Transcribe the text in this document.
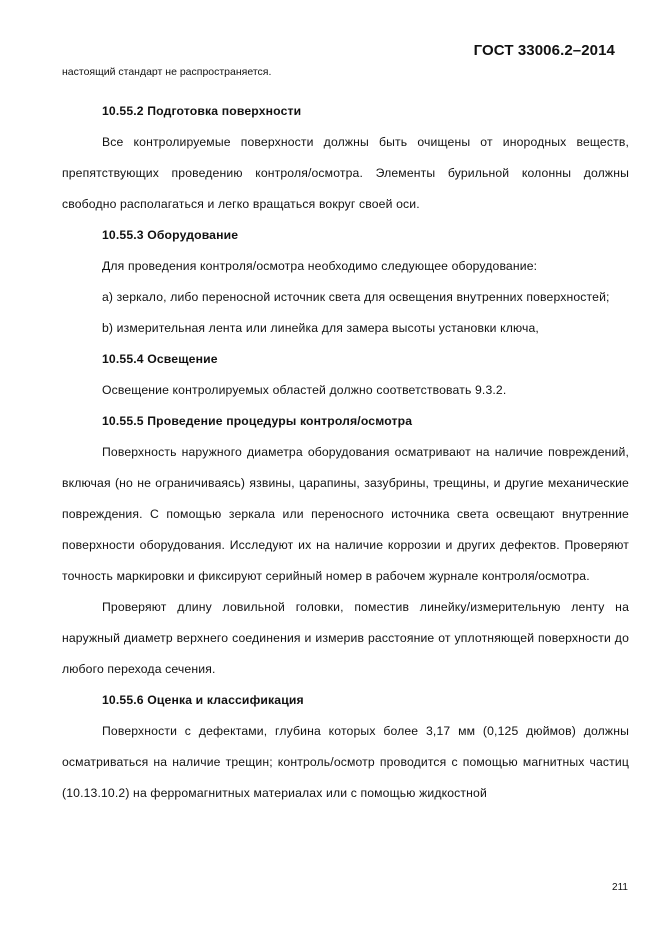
ГОСТ 33006.2–2014
настоящий стандарт не распространяется.

10.55.2 Подготовка поверхности

Все контролируемые поверхности должны быть очищены от инородных веществ, препятствующих проведению контроля/осмотра. Элементы бурильной колонны должны свободно располагаться и легко вращаться вокруг своей оси.

10.55.3 Оборудование

Для проведения контроля/осмотра необходимо следующее оборудование:

a) зеркало, либо переносной источник света для освещения внутренних поверхностей;

b) измерительная лента или линейка для замера высоты установки ключа,

10.55.4 Освещение

Освещение контролируемых областей должно соответствовать 9.3.2.

10.55.5 Проведение процедуры контроля/осмотра

Поверхность наружного диаметра оборудования осматривают на наличие повреждений, включая (но не ограничиваясь) язвины, царапины, зазубрины, трещины, и другие механические повреждения. С помощью зеркала или переносного источника света освещают внутренние поверхности оборудования. Исследуют их на наличие коррозии и других дефектов. Проверяют точность маркировки и фиксируют серийный номер в рабочем журнале контроля/осмотра.

Проверяют длину ловильной головки, поместив линейку/измерительную ленту на наружный диаметр верхнего соединения и измерив расстояние от уплотняющей поверхности до любого перехода сечения.

10.55.6 Оценка и классификация

Поверхности с дефектами, глубина которых более 3,17 мм (0,125 дюймов) должны осматриваться на наличие трещин; контроль/осмотр проводится с помощью магнитных частиц (10.13.10.2) на ферромагнитных материалах или с помощью жидкостной

211
